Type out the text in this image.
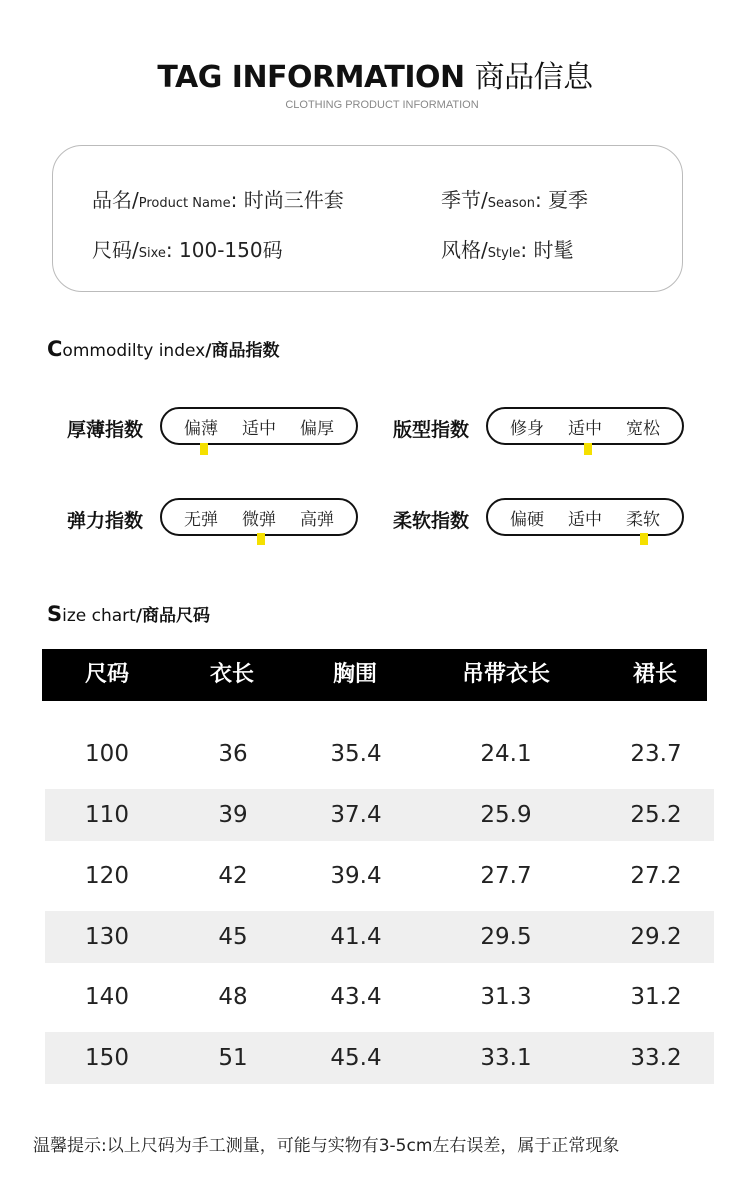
TAG INFORMATION 商品信息
CLOTHING PRODUCT INFORMATION
品名/Product Name: 时尚三件套	季节/Season: 夏季
尺码/Sixe: 100-150码	风格/Style: 时髦
Commodilty index/商品指数
厚薄指数 偏薄 适中 偏厚	版型指数 修身 适中 宽松
弹力指数 无弹 微弹 高弹	柔软指数 偏硬 适中 柔软
Size chart/商品尺码
尺码	衣长	胸围	吊带衣长	裙长
100	36	35.4	24.1	23.7
110	39	37.4	25.9	25.2
120	42	39.4	27.7	27.2
130	45	41.4	29.5	29.2
140	48	43.4	31.3	31.2
150	51	45.4	33.1	33.2
温馨提示:以上尺码为手工测量，可能与实物有3-5cm左右误差，属于正常现象
